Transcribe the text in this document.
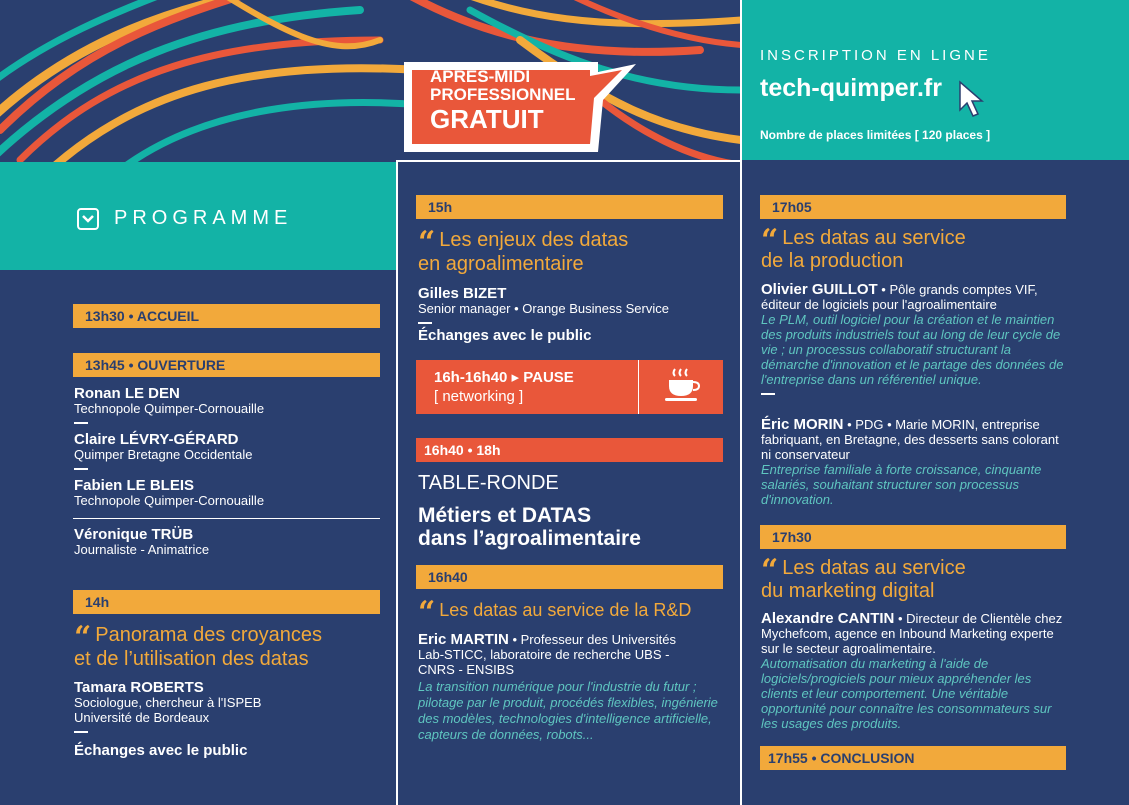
APRÈS-MIDI
PROFESSIONNEL
GRATUIT
INSCRIPTION EN LIGNE
tech-quimper.fr
Nombre de places limitées [ 120 places ]
PROGRAMME
13h30 • ACCUEIL
13h45 • OUVERTURE
Ronan LE DEN
Technopole Quimper-Cornouaille
Claire LÉVRY-GÉRARD
Quimper Bretagne Occidentale
Fabien LE BLEIS
Technopole Quimper-Cornouaille
Véronique TRÜB
Journaliste - Animatrice
14h
“ Panorama des croyances
et de l’utilisation des datas
Tamara ROBERTS
Sociologue, chercheur à l'ISPEB
Université de Bordeaux
Échanges avec le public
15h
“ Les enjeux des datas
en agroalimentaire
Gilles BIZET
Senior manager • Orange Business Service
Échanges avec le public
16h-16h40 ▸ PAUSE
[ networking ]
16h40 • 18h
TABLE-RONDE
Métiers et DATAS
dans l’agroalimentaire
16h40
“ Les datas au service de la R&D
Eric MARTIN • Professeur des Universités
Lab-STICC, laboratoire de recherche UBS -
CNRS - ENSIBS
La transition numérique pour l'industrie du futur ; pilotage par le produit, procédés flexibles, ingénierie des modèles, technologies d'intelligence artificielle, capteurs de données, robots...
17h05
“ Les datas au service
de la production
Olivier GUILLOT • Pôle grands comptes VIF, éditeur de logiciels pour l'agroalimentaire
Le PLM, outil logiciel pour la création et le maintien des produits industriels tout au long de leur cycle de vie ; un processus collaboratif structurant la démarche d'innovation et le partage des données de l'entreprise dans un référentiel unique.
Éric MORIN • PDG • Marie MORIN, entreprise fabriquant, en Bretagne, des desserts sans colorant ni conservateur
Entreprise familiale à forte croissance, cinquante salariés, souhaitant structurer son processus d'innovation.
17h30
“ Les datas au service
du marketing digital
Alexandre CANTIN • Directeur de Clientèle chez Mychefcom, agence en Inbound Marketing experte sur le secteur agroalimentaire.
Automatisation du marketing à l'aide de logiciels/progiciels pour mieux appréhender les clients et leur comportement. Une véritable opportunité pour connaître les consommateurs sur les usages des produits.
17h55 • CONCLUSION
